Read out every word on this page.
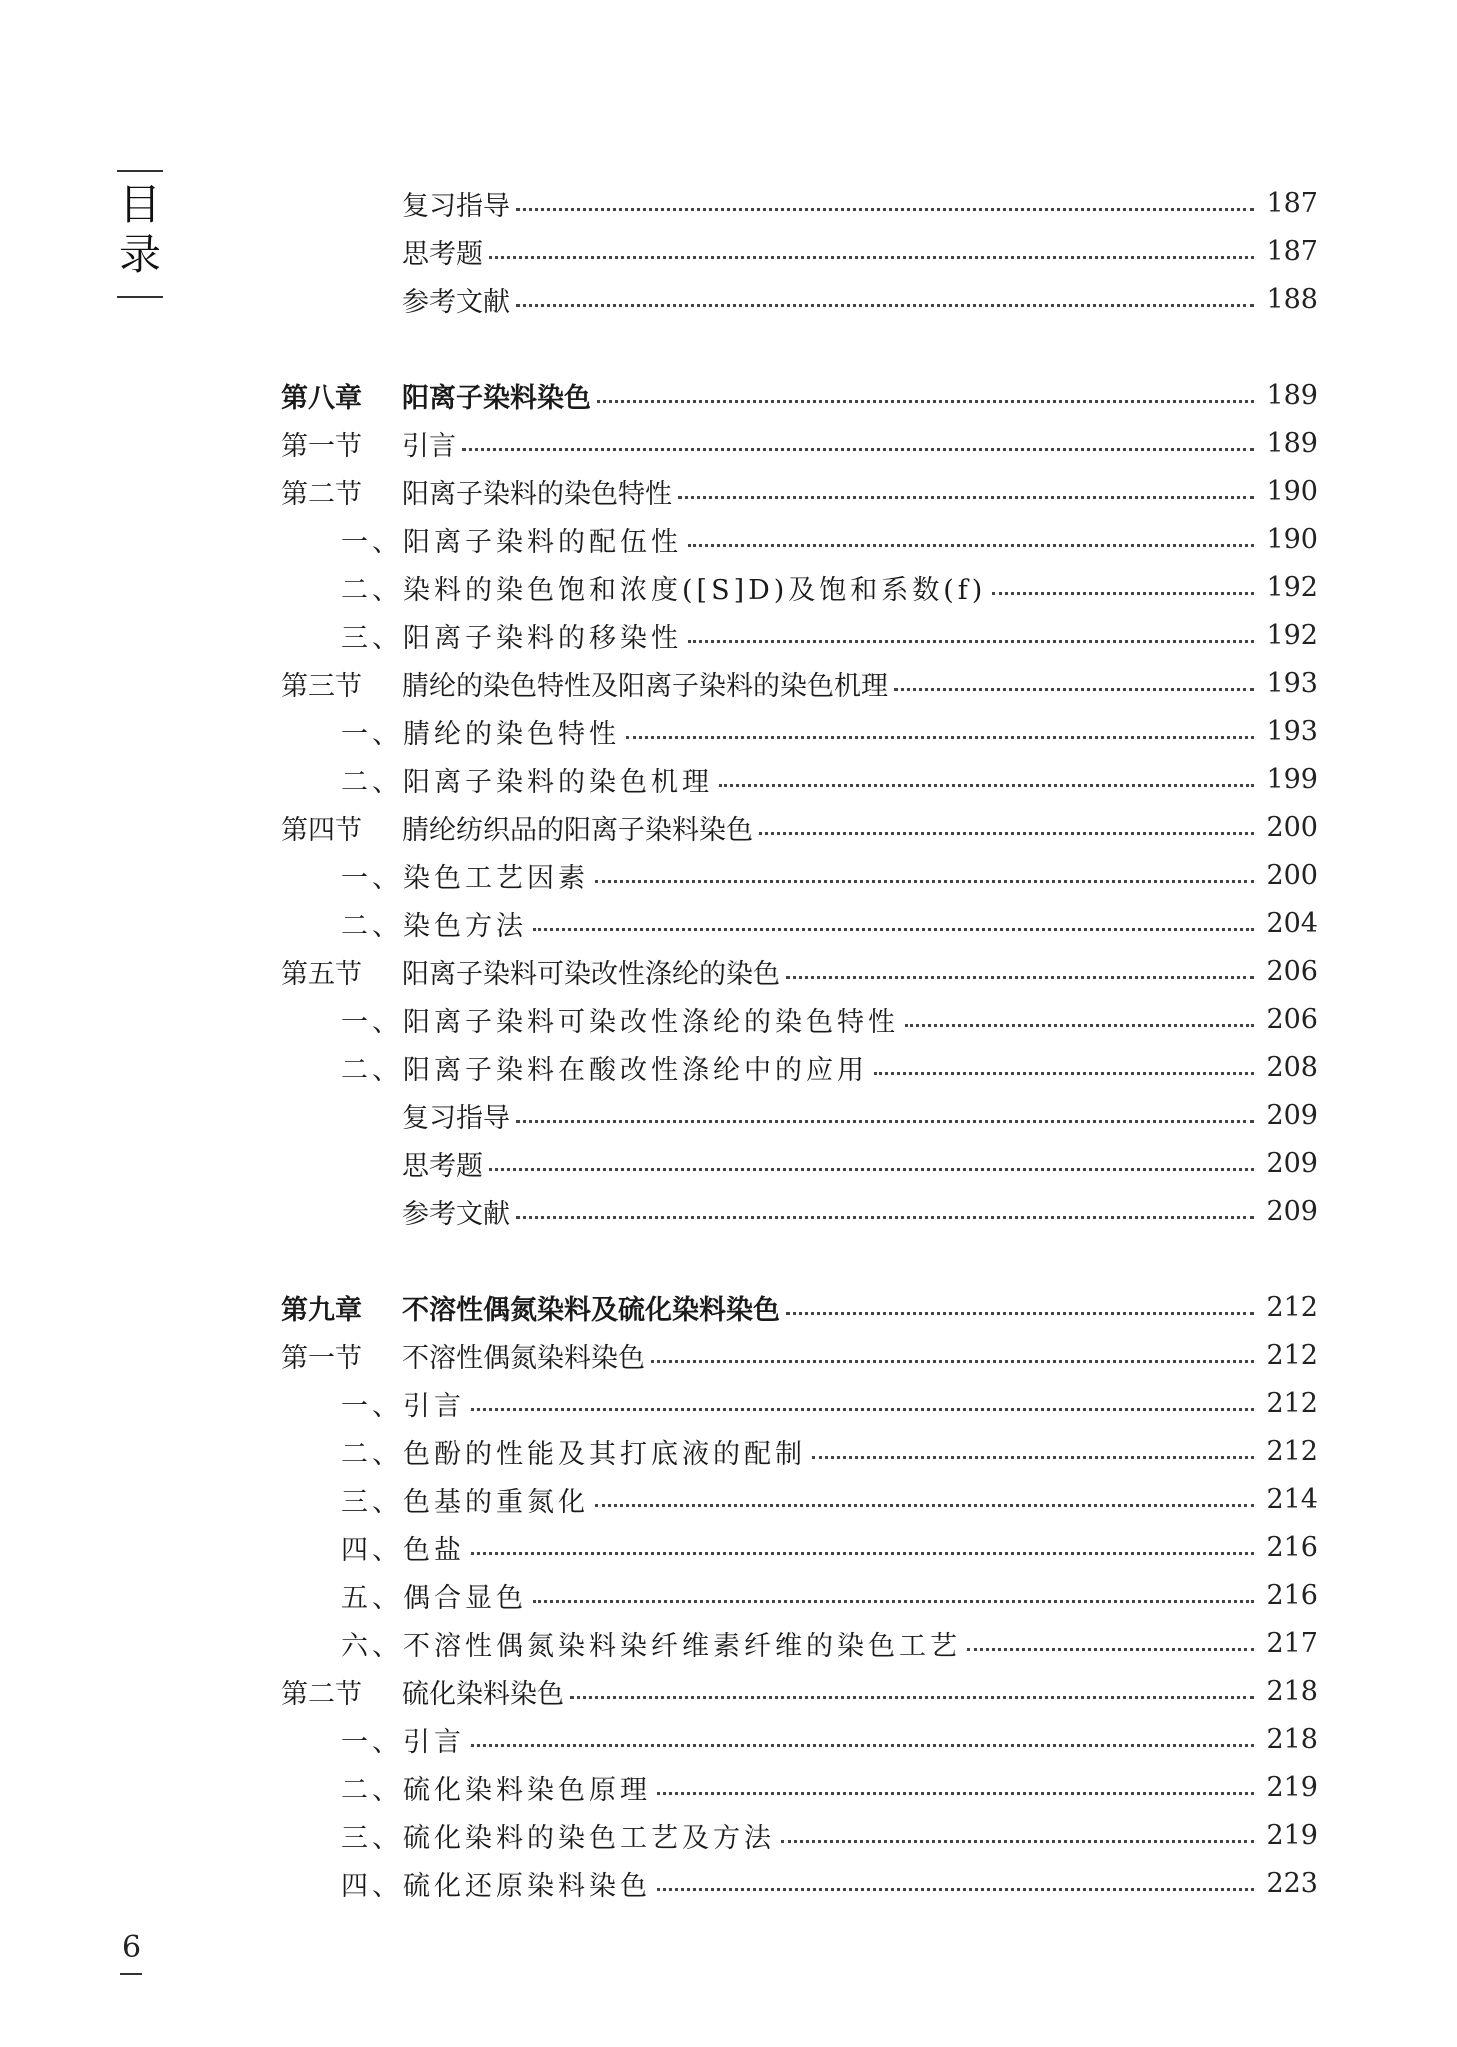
目录
复习指导	187
思考题	187
参考文献	188
第八章	阳离子染料染色	189
第一节	引言	189
第二节	阳离子染料的染色特性	190
一、阳离子染料的配伍性	190
二、染料的染色饱和浓度([S]D)及饱和系数(f)	192
三、阳离子染料的移染性	192
第三节	腈纶的染色特性及阳离子染料的染色机理	193
一、腈纶的染色特性	193
二、阳离子染料的染色机理	199
第四节	腈纶纺织品的阳离子染料染色	200
一、染色工艺因素	200
二、染色方法	204
第五节	阳离子染料可染改性涤纶的染色	206
一、阳离子染料可染改性涤纶的染色特性	206
二、阳离子染料在酸改性涤纶中的应用	208
复习指导	209
思考题	209
参考文献	209
第九章	不溶性偶氮染料及硫化染料染色	212
第一节	不溶性偶氮染料染色	212
一、引言	212
二、色酚的性能及其打底液的配制	212
三、色基的重氮化	214
四、色盐	216
五、偶合显色	216
六、不溶性偶氮染料染纤维素纤维的染色工艺	217
第二节	硫化染料染色	218
一、引言	218
二、硫化染料染色原理	219
三、硫化染料的染色工艺及方法	219
四、硫化还原染料染色	223
6
